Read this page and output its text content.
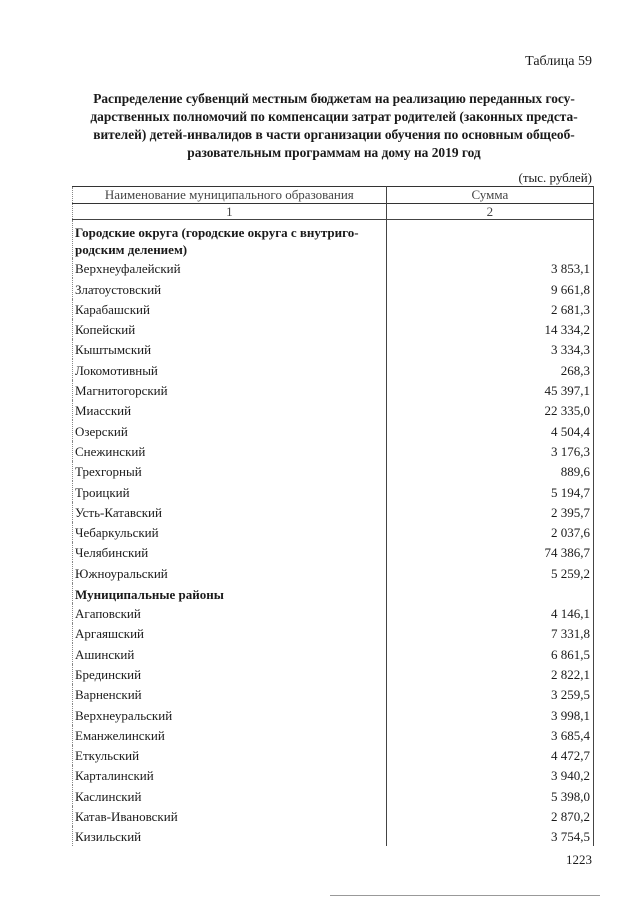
Таблица 59
Распределение субвенций местным бюджетам на реализацию переданных госу-
дарственных полномочий по компенсации затрат родителей (законных предста-
вителей) детей-инвалидов в части организации обучения по основным общеоб-
разовательным программам на дому на 2019 год
(тыс. рублей)
Наименование муниципального образования	Сумма
1	2

Городские округа (городские округа с внутриго-
родским делением)	

Верхнеуфалейский	3 853,1
Златоустовский	9 661,8
Карабашский	2 681,3
Копейский	14 334,2
Кыштымский	3 334,3
Локомотивный	268,3
Магнитогорский	45 397,1
Миасский	22 335,0
Озерский	4 504,4
Снежинский	3 176,3
Трехгорный	889,6
Троицкий	5 194,7
Усть-Катавский	2 395,7
Чебаркульский	2 037,6
Челябинский	74 386,7
Южноуральский	5 259,2
Муниципальные районы	
Агаповский	4 146,1
Аргаяшский	7 331,8
Ашинский	6 861,5
Брединский	2 822,1
Варненский	3 259,5
Верхнеуральский	3 998,1
Еманжелинский	3 685,4
Еткульский	4 472,7
Карталинский	3 940,2
Каслинский	5 398,0
Катав-Ивановский	2 870,2
Кизильский	3 754,5
1223
